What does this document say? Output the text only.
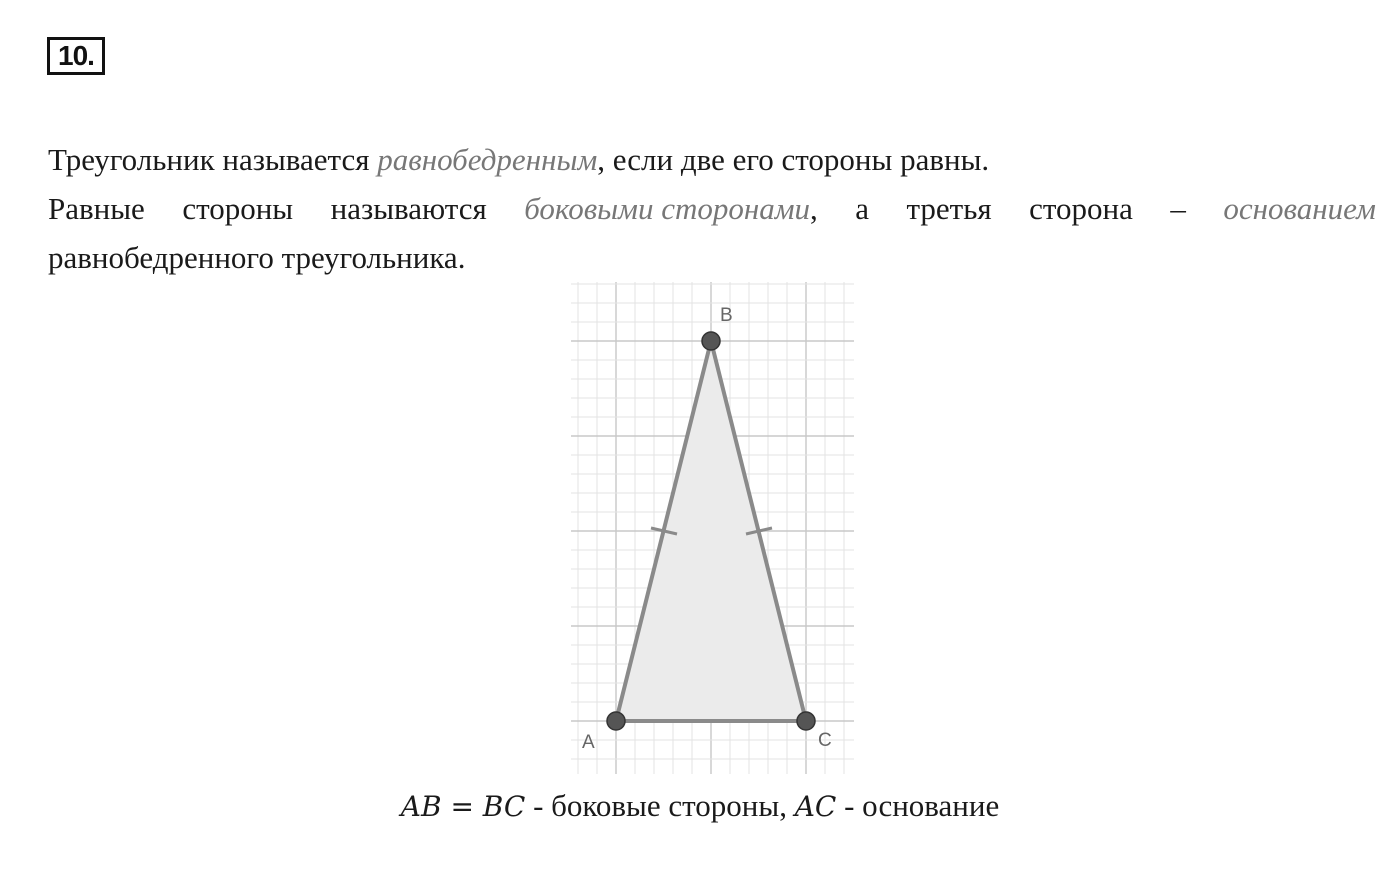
10.
Треугольник называется равнобедренным, если две его стороны равны.
Равные стороны называются боковыми сторонами, а третья сторона – основанием
равнобедренного треугольника.
A
B
C
AB = BC - боковые стороны, AC - основание
